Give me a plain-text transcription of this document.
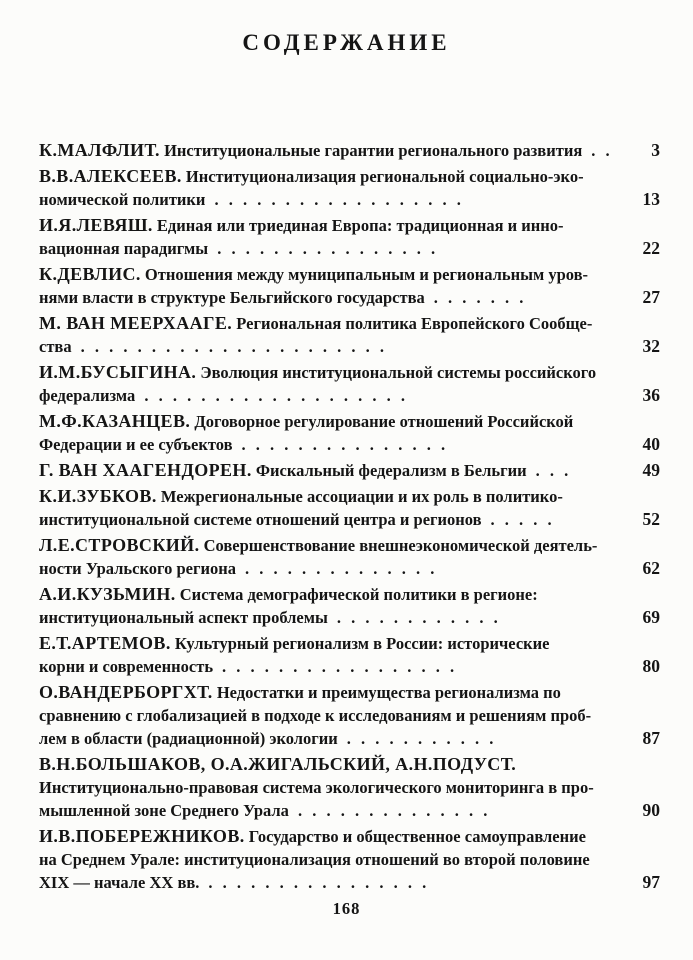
СОДЕРЖАНИЕ
К.МАЛФЛИТ. Институциональные гарантии регионального развития . .	3
В.В.АЛЕКСЕЕВ. Институционализация региональной социально-эко-
номической политики . . . . . . . . . . . . . . . . . .	13
И.Я.ЛЕВЯШ. Единая или триединая Европа: традиционная и инно-
вационная парадигмы . . . . . . . . . . . . . . . .	22
К.ДЕВЛИС. Отношения между муниципальным и региональным уров-
нями власти в структуре Бельгийского государства . . . . . . .	27
М. ВАН МЕЕРХААГЕ. Региональная политика Европейского Сообще-
ства . . . . . . . . . . . . . . . . . . . . . .	32
И.М.БУСЫГИНА. Эволюция институциональной системы российского
федерализма . . . . . . . . . . . . . . . . . . .	36
М.Ф.КАЗАНЦЕВ. Договорное регулирование отношений Российской
Федерации и ее субъектов . . . . . . . . . . . . . . .	40
Г. ВАН ХААГЕНДОРЕН. Фискальный федерализм в Бельгии . . .	49
К.И.ЗУБКОВ. Межрегиональные ассоциации и их роль в политико-
институциональной системе отношений центра и регионов . . . . .	52
Л.Е.СТРОВСКИЙ. Совершенствование внешнеэкономической деятель-
ности Уральского региона . . . . . . . . . . . . . .	62
А.И.КУЗЬМИН. Система демографической политики в регионе:
институциональный аспект проблемы . . . . . . . . . . . .	69
Е.Т.АРТЕМОВ. Культурный регионализм в России: исторические
корни и современность . . . . . . . . . . . . . . . . .	80
О.ВАНДЕРБОРГХТ. Недостатки и преимущества регионализма по
сравнению с глобализацией в подходе к исследованиям и решениям проб-
лем в области (радиационной) экологии . . . . . . . . . . .	87
В.Н.БОЛЬШАКОВ, О.А.ЖИГАЛЬСКИЙ, А.Н.ПОДУСТ.
Институционально-правовая система экологического мониторинга в про-
мышленной зоне Среднего Урала . . . . . . . . . . . . . .	90
И.В.ПОБЕРЕЖНИКОВ. Государство и общественное самоуправление
на Среднем Урале: институционализация отношений во второй половине
XIX — начале XX вв. . . . . . . . . . . . . . . . .	97
168
